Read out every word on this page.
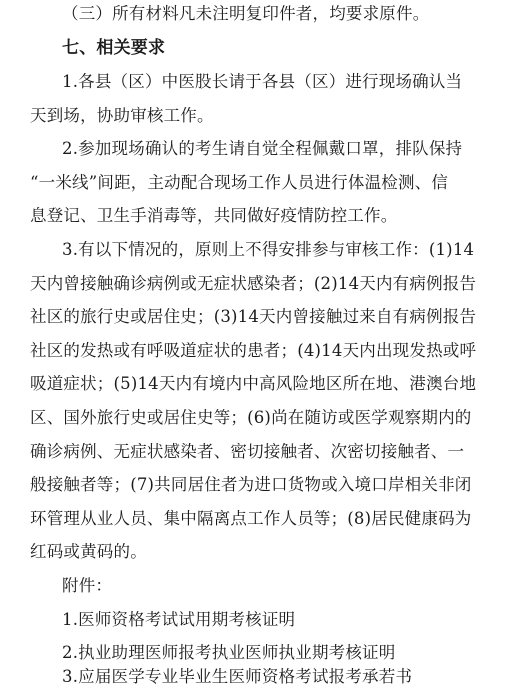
（三）所有材料凡未注明复印件者，均要求原件。
七、相关要求
1.各县（区）中医股长请于各县（区）进行现场确认当
天到场，协助审核工作。
2.参加现场确认的考生请自觉全程佩戴口罩，排队保持
“一米线”间距，主动配合现场工作人员进行体温检测、信
息登记、卫生手消毒等，共同做好疫情防控工作。
3.有以下情况的，原则上不得安排参与审核工作：(1)14
天内曾接触确诊病例或无症状感染者；(2)14天内有病例报告
社区的旅行史或居住史；(3)14天内曾接触过来自有病例报告
社区的发热或有呼吸道症状的患者；(4)14天内出现发热或呼
吸道症状；(5)14天内有境内中高风险地区所在地、港澳台地
区、国外旅行史或居住史等；(6)尚在随访或医学观察期内的
确诊病例、无症状感染者、密切接触者、次密切接触者、一
般接触者等；(7)共同居住者为进口货物或入境口岸相关非闭
环管理从业人员、集中隔离点工作人员等；(8)居民健康码为
红码或黄码的。
附件：
1.医师资格考试试用期考核证明
2.执业助理医师报考执业医师执业期考核证明
3.应届医学专业毕业生医师资格考试报考承若书
